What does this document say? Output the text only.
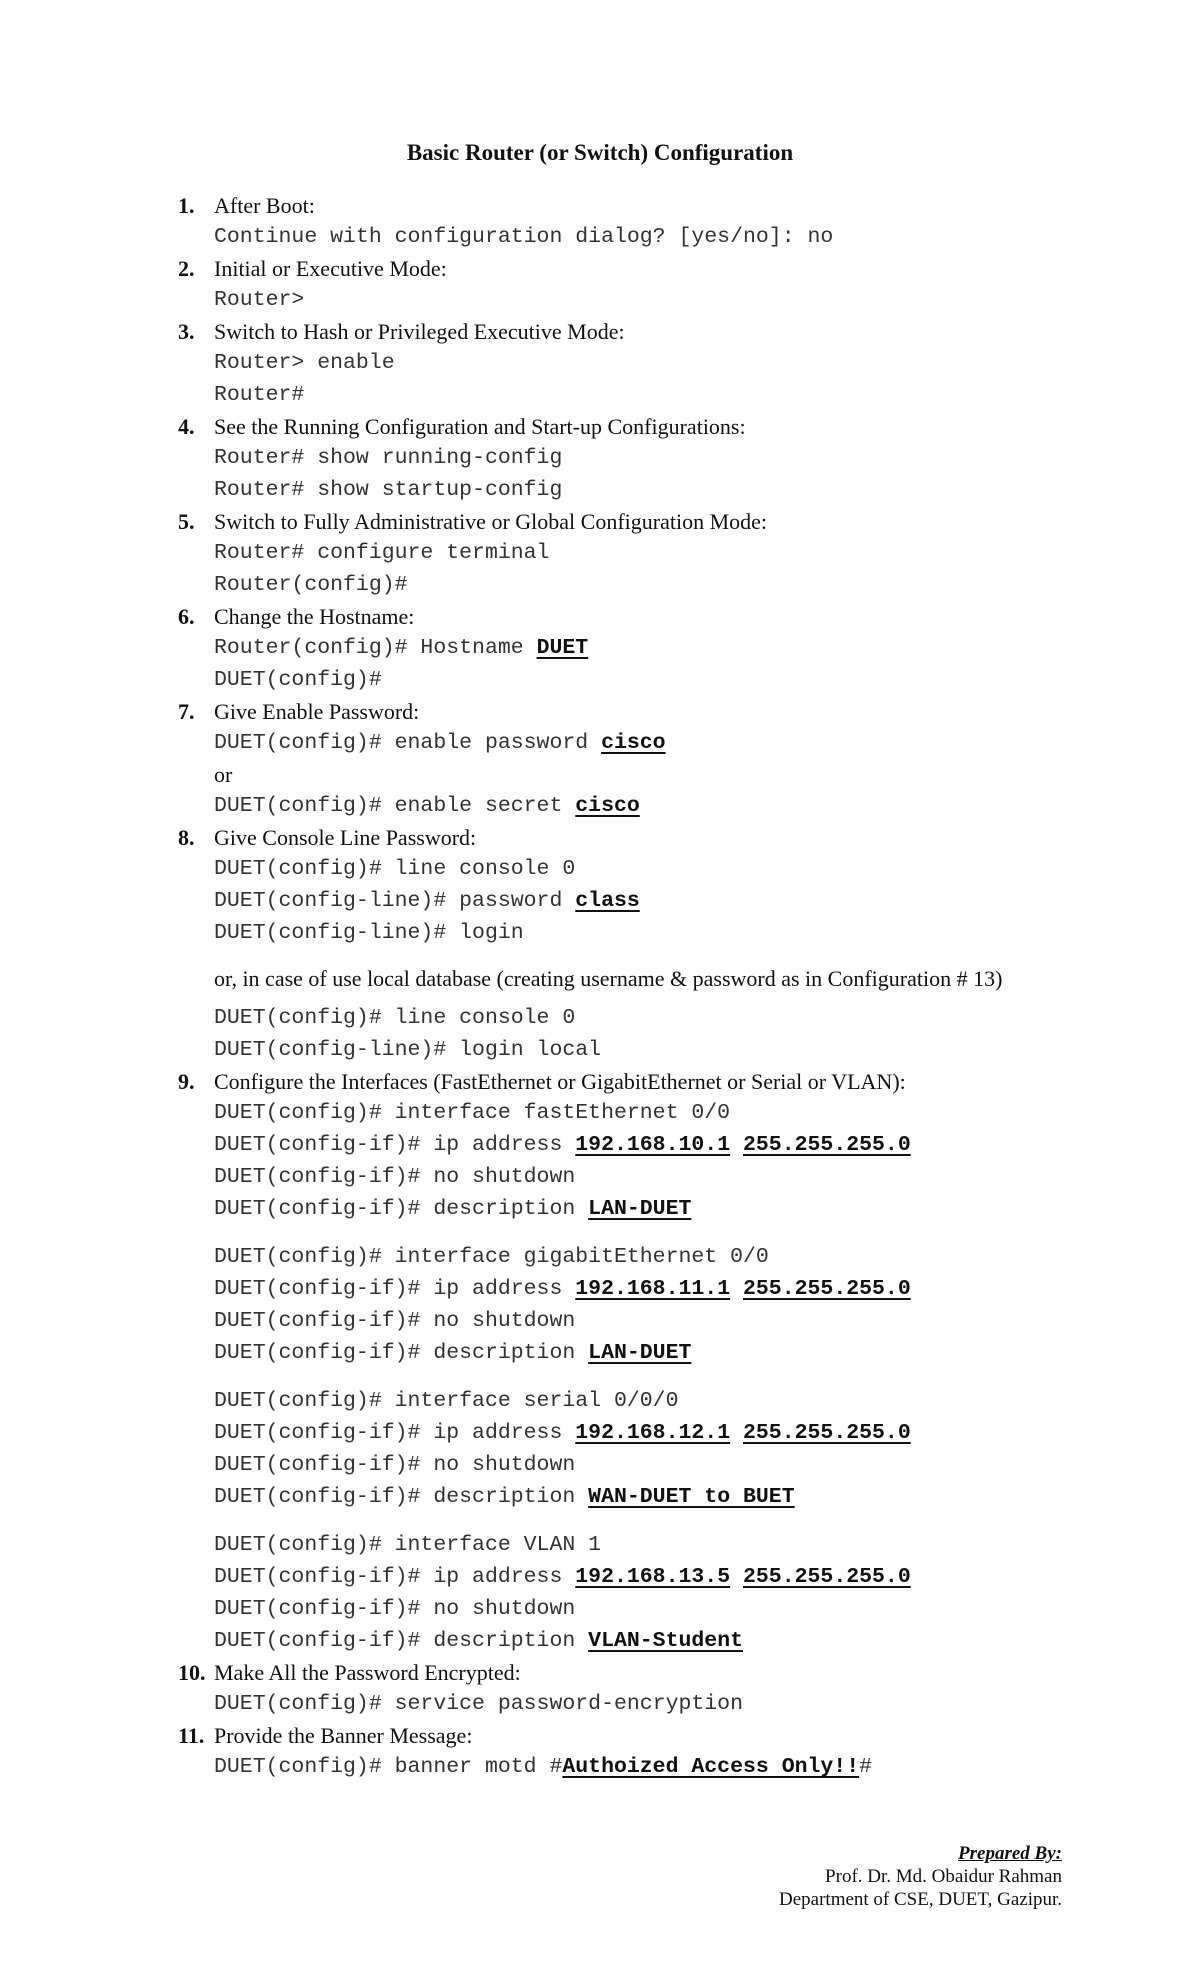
Basic Router (or Switch) Configuration
1. After Boot:
Continue with configuration dialog? [yes/no]: no
2. Initial or Executive Mode:
Router>
3. Switch to Hash or Privileged Executive Mode:
Router> enable
Router#
4. See the Running Configuration and Start-up Configurations:
Router# show running-config
Router# show startup-config
5. Switch to Fully Administrative or Global Configuration Mode:
Router# configure terminal
Router(config)#
6. Change the Hostname:
Router(config)# Hostname DUET
DUET(config)#
7. Give Enable Password:
DUET(config)# enable password cisco
or
DUET(config)# enable secret cisco
8. Give Console Line Password:
DUET(config)# line console 0
DUET(config-line)# password class
DUET(config-line)# login
or, in case of use local database (creating username & password as in Configuration # 13)
DUET(config)# line console 0
DUET(config-line)# login local
9. Configure the Interfaces (FastEthernet or GigabitEthernet or Serial or VLAN):
DUET(config)# interface fastEthernet 0/0
DUET(config-if)# ip address 192.168.10.1 255.255.255.0
DUET(config-if)# no shutdown
DUET(config-if)# description LAN-DUET
DUET(config)# interface gigabitEthernet 0/0
DUET(config-if)# ip address 192.168.11.1 255.255.255.0
DUET(config-if)# no shutdown
DUET(config-if)# description LAN-DUET
DUET(config)# interface serial 0/0/0
DUET(config-if)# ip address 192.168.12.1 255.255.255.0
DUET(config-if)# no shutdown
DUET(config-if)# description WAN-DUET to BUET
DUET(config)# interface VLAN 1
DUET(config-if)# ip address 192.168.13.5 255.255.255.0
DUET(config-if)# no shutdown
DUET(config-if)# description VLAN-Student
10. Make All the Password Encrypted:
DUET(config)# service password-encryption
11. Provide the Banner Message:
DUET(config)# banner motd #Authoized Access Only!!#
Prepared By:
Prof. Dr. Md. Obaidur Rahman
Department of CSE, DUET, Gazipur.
